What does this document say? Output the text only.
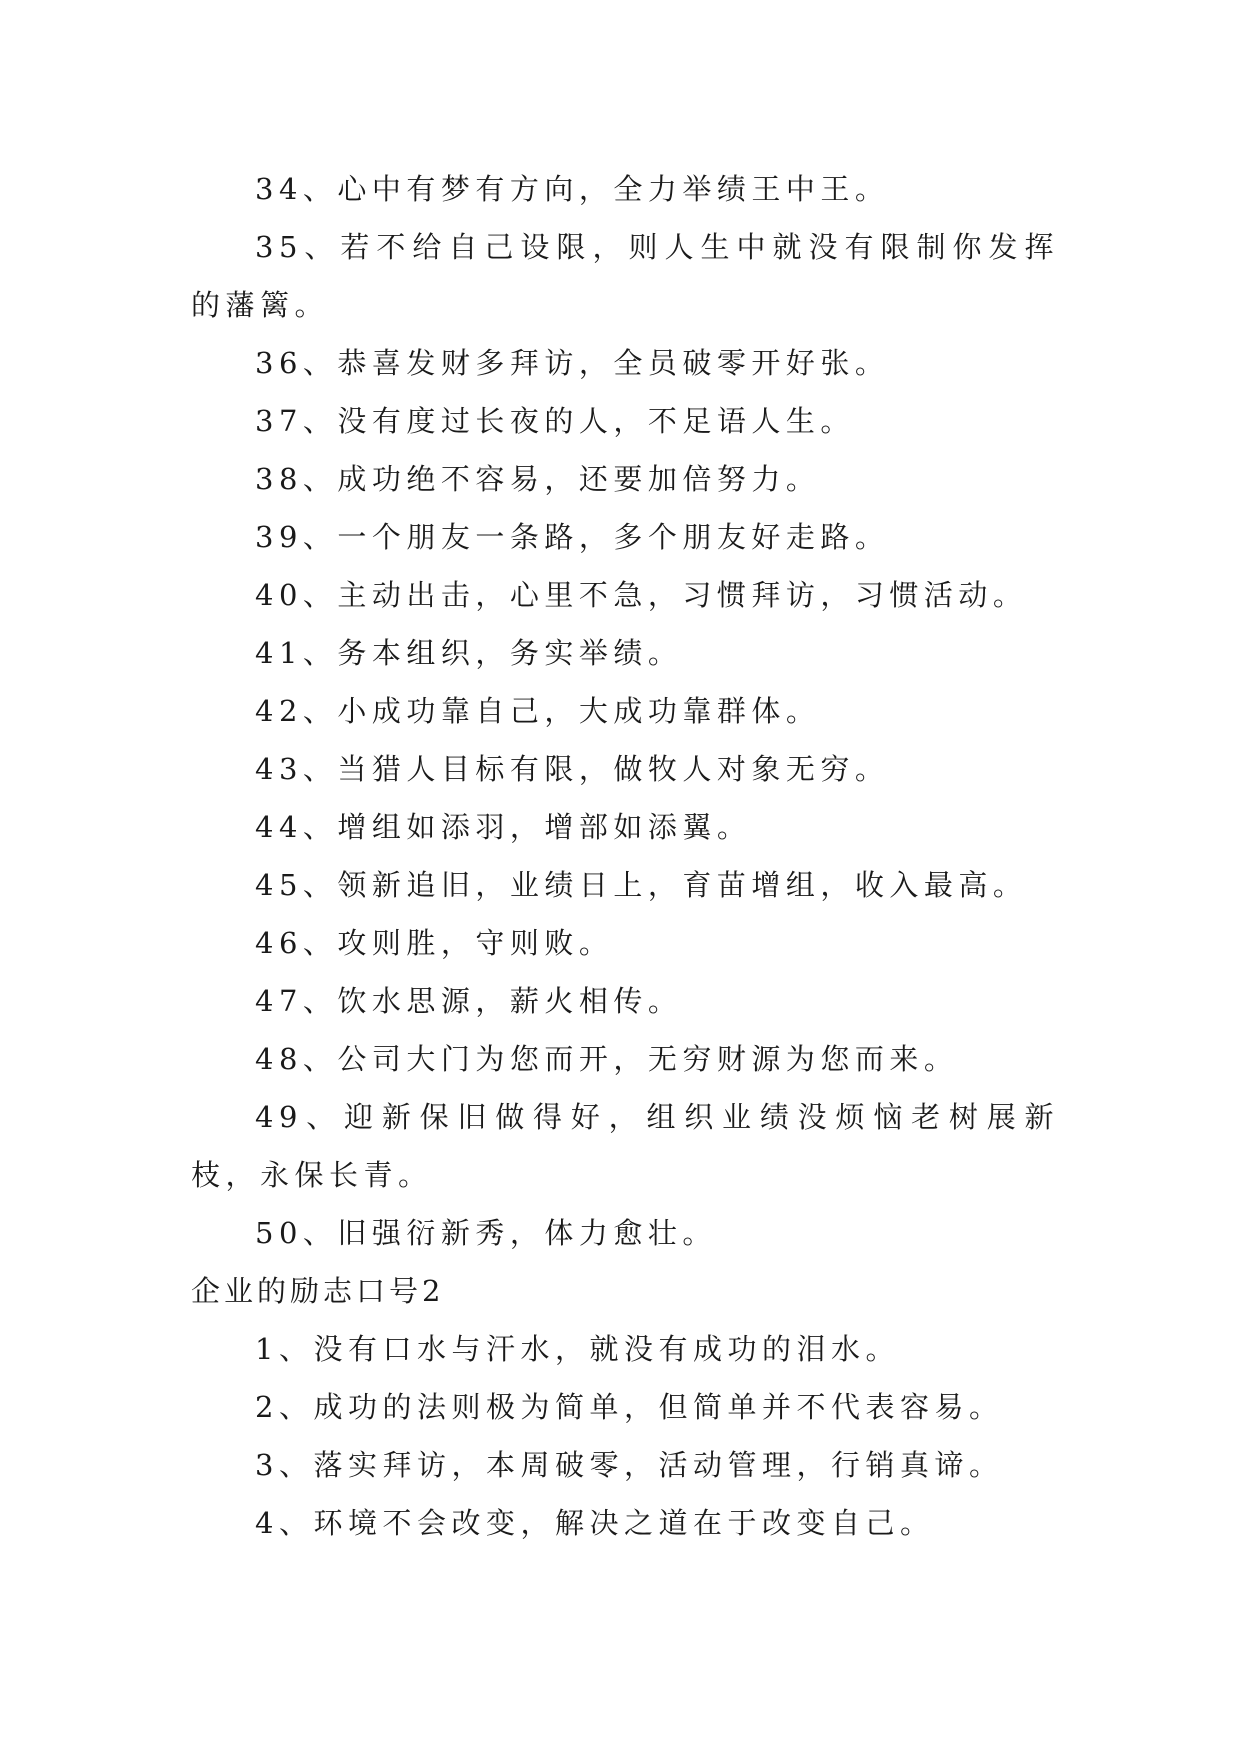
34、心中有梦有方向，全力举绩王中王。

35、若不给自己设限，则人生中就没有限制你发挥的藩篱。

36、恭喜发财多拜访，全员破零开好张。

37、没有度过长夜的人，不足语人生。

38、成功绝不容易，还要加倍努力。

39、一个朋友一条路，多个朋友好走路。

40、主动出击，心里不急，习惯拜访，习惯活动。

41、务本组织，务实举绩。

42、小成功靠自己，大成功靠群体。

43、当猎人目标有限，做牧人对象无穷。

44、增组如添羽，增部如添翼。

45、领新追旧，业绩日上，育苗增组，收入最高。

46、攻则胜，守则败。

47、饮水思源，薪火相传。

48、公司大门为您而开，无穷财源为您而来。

49、迎新保旧做得好，组织业绩没烦恼老树展新枝，永保长青。

50、旧强衍新秀，体力愈壮。

企业的励志口号2

1、没有口水与汗水，就没有成功的泪水。

2、成功的法则极为简单，但简单并不代表容易。

3、落实拜访，本周破零，活动管理，行销真谛。

4、环境不会改变，解决之道在于改变自己。
